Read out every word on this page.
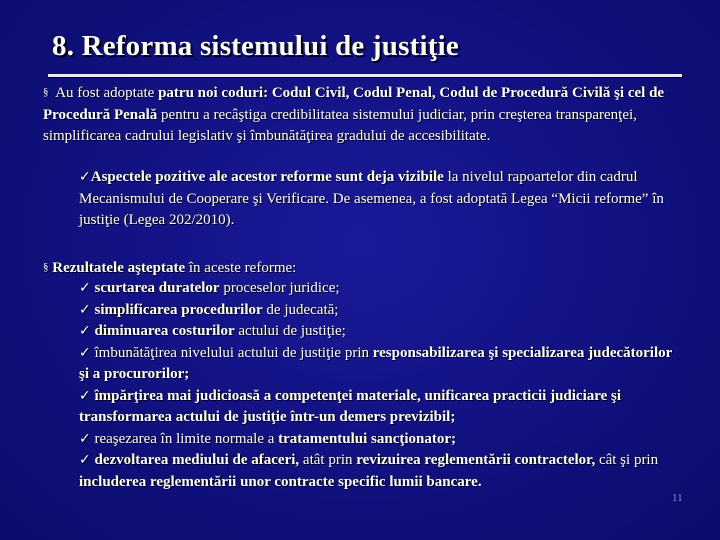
8. Reforma sistemului de justiţie
§ Au fost adoptate patru noi coduri: Codul Civil, Codul Penal, Codul de Procedură Civilă şi cel de Procedură Penală pentru a recâştiga credibilitatea sistemului judiciar, prin creşterea transparenţei, simplificarea cadrului legislativ şi îmbunătăţirea gradului de accesibilitate.
✓Aspectele pozitive ale acestor reforme sunt deja vizibile la nivelul rapoartelor din cadrul Mecanismului de Cooperare şi Verificare. De asemenea, a fost adoptată Legea “Micii reforme” în justiţie (Legea 202/2010).
§ Rezultatele aşteptate în aceste reforme:
✓ scurtarea duratelor proceselor juridice;
✓ simplificarea procedurilor de judecată;
✓ diminuarea costurilor actului de justiţie;
✓ îmbunătăţirea nivelului actului de justiţie prin responsabilizarea şi specializarea judecătorilor şi a procurorilor;
✓ împărţirea mai judicioasă a competenţei materiale, unificarea practicii judiciare şi transformarea actului de justiţie într-un demers previzibil;
✓ reaşezarea în limite normale a tratamentului sancţionator;
✓ dezvoltarea mediului de afaceri, atât prin revizuirea reglementării contractelor, cât şi prin includerea reglementării unor contracte specific lumii bancare.
11
